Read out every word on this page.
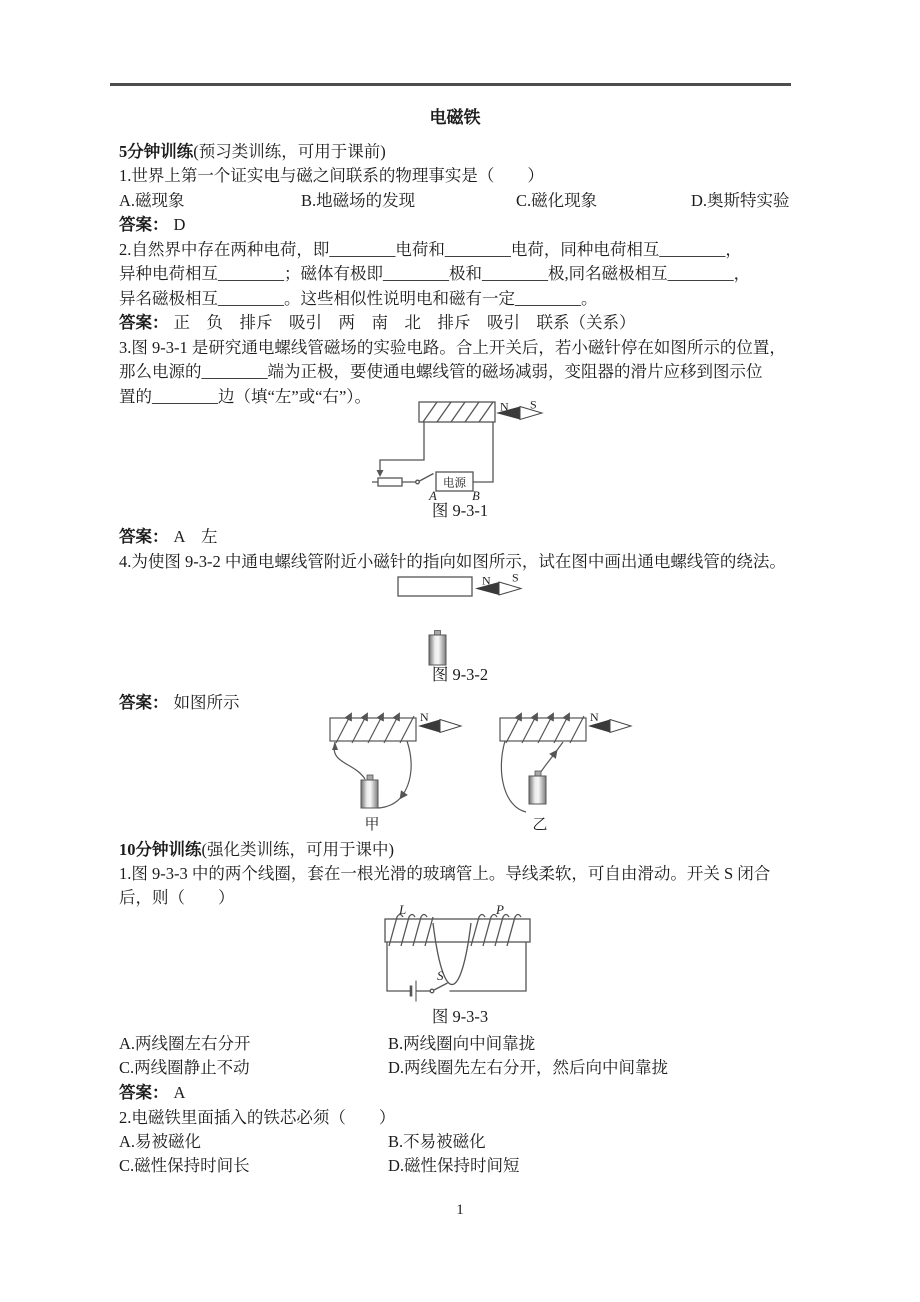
电磁铁
5分钟训练(预习类训练，可用于课前)
1.世界上第一个证实电与磁之间联系的物理事实是（　　）
A.磁现象	B.地磁场的发现	C.磁化现象	D.奥斯特实验
答案： D
2.自然界中存在两种电荷，即________电荷和________电荷，同种电荷相互________，
异种电荷相互________；磁体有极即________极和________极,同名磁极相互________，
异名磁极相互________。这些相似性说明电和磁有一定________。
答案： 正　负　排斥　吸引　两　南　北　排斥　吸引　联系（关系）
3.图 9-3-1 是研究通电螺线管磁场的实验电路。合上开关后，若小磁针停在如图所示的位置，
那么电源的________端为正极，要使通电螺线管的磁场减弱，变阻器的滑片应移到图示位
置的________边（填“左”或“右”）。
N S
电源
A	B
图 9-3-1
答案： A　左
4.为使图 9-3-2 中通电螺线管附近小磁针的指向如图所示，试在图中画出通电螺线管的绕法。
N S
图 9-3-2
答案： 如图所示
N
甲
N
乙
10分钟训练(强化类训练，可用于课中)
1.图 9-3-3 中的两个线圈，套在一根光滑的玻璃管上。导线柔软，可自由滑动。开关 S 闭合
后，则（　　）
L	P
S
图 9-3-3
A.两线圈左右分开	B.两线圈向中间靠拢
C.两线圈静止不动	D.两线圈先左右分开，然后向中间靠拢
答案： A
2.电磁铁里面插入的铁芯必须（　　）
A.易被磁化	B.不易被磁化
C.磁性保持时间长	D.磁性保持时间短
1
